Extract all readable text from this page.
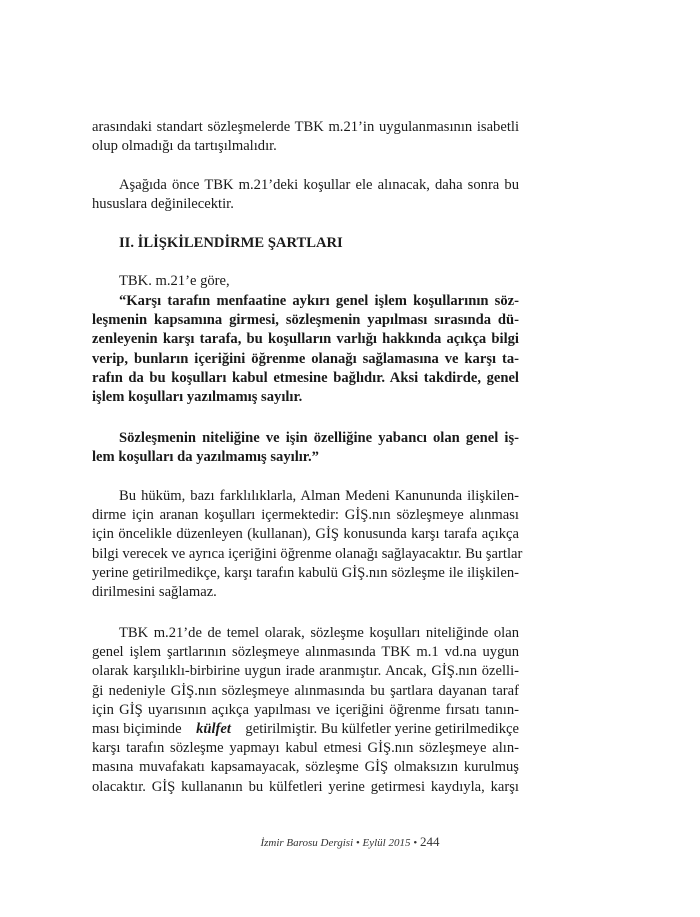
arasındaki standart sözleşmelerde TBK m.21’in uygulanmasının isabetli
olup olmadığı da tartışılmalıdır.
Aşağıda önce TBK m.21’deki koşullar ele alınacak, daha sonra bu
hususlara değinilecektir.
II. İLİŞKİLENDİRME ŞARTLARI
TBK. m.21’e göre,
“Karşı tarafın menfaatine aykırı genel işlem koşullarının söz-
leşmenin kapsamına girmesi, sözleşmenin yapılması sırasında dü-
zenleyenin karşı tarafa, bu koşulların varlığı hakkında açıkça bilgi
verip, bunların içeriğini öğrenme olanağı sağlamasına ve karşı ta-
rafın da bu koşulları kabul etmesine bağlıdır. Aksi takdirde, genel
işlem koşulları yazılmamış sayılır.
Sözleşmenin niteliğine ve işin özelliğine yabancı olan genel iş-
lem koşulları da yazılmamış sayılır.”
Bu hüküm, bazı farklılıklarla, Alman Medeni Kanununda ilişkilen-
dirme için aranan koşulları içermektedir: GİŞ.nın sözleşmeye alınması
için öncelikle düzenleyen (kullanan), GİŞ konusunda karşı tarafa açıkça
bilgi verecek ve ayrıca içeriğini öğrenme olanağı sağlayacaktır. Bu şartlar
yerine getirilmedikçe, karşı tarafın kabulü GİŞ.nın sözleşme ile ilişkilen-
dirilmesini sağlamaz.
TBK m.21’de de temel olarak, sözleşme koşulları niteliğinde olan
genel işlem şartlarının sözleşmeye alınmasında TBK m.1 vd.na uygun
olarak karşılıklı-birbirine uygun irade aranmıştır. Ancak, GİŞ.nın özelli-
ği nedeniyle GİŞ.nın sözleşmeye alınmasında bu şartlara dayanan taraf
için GİŞ uyarısının açıkça yapılması ve içeriğini öğrenme fırsatı tanın-
ması biçiminde külfet getirilmiştir. Bu külfetler yerine getirilmedikçe
karşı tarafın sözleşme yapmayı kabul etmesi GİŞ.nın sözleşmeye alın-
masına muvafakatı kapsamayacak, sözleşme GİŞ olmaksızın kurulmuş
olacaktır. GİŞ kullananın bu külfetleri yerine getirmesi kaydıyla, karşı
İzmir Barosu Dergisi • Eylül 2015 • 244
